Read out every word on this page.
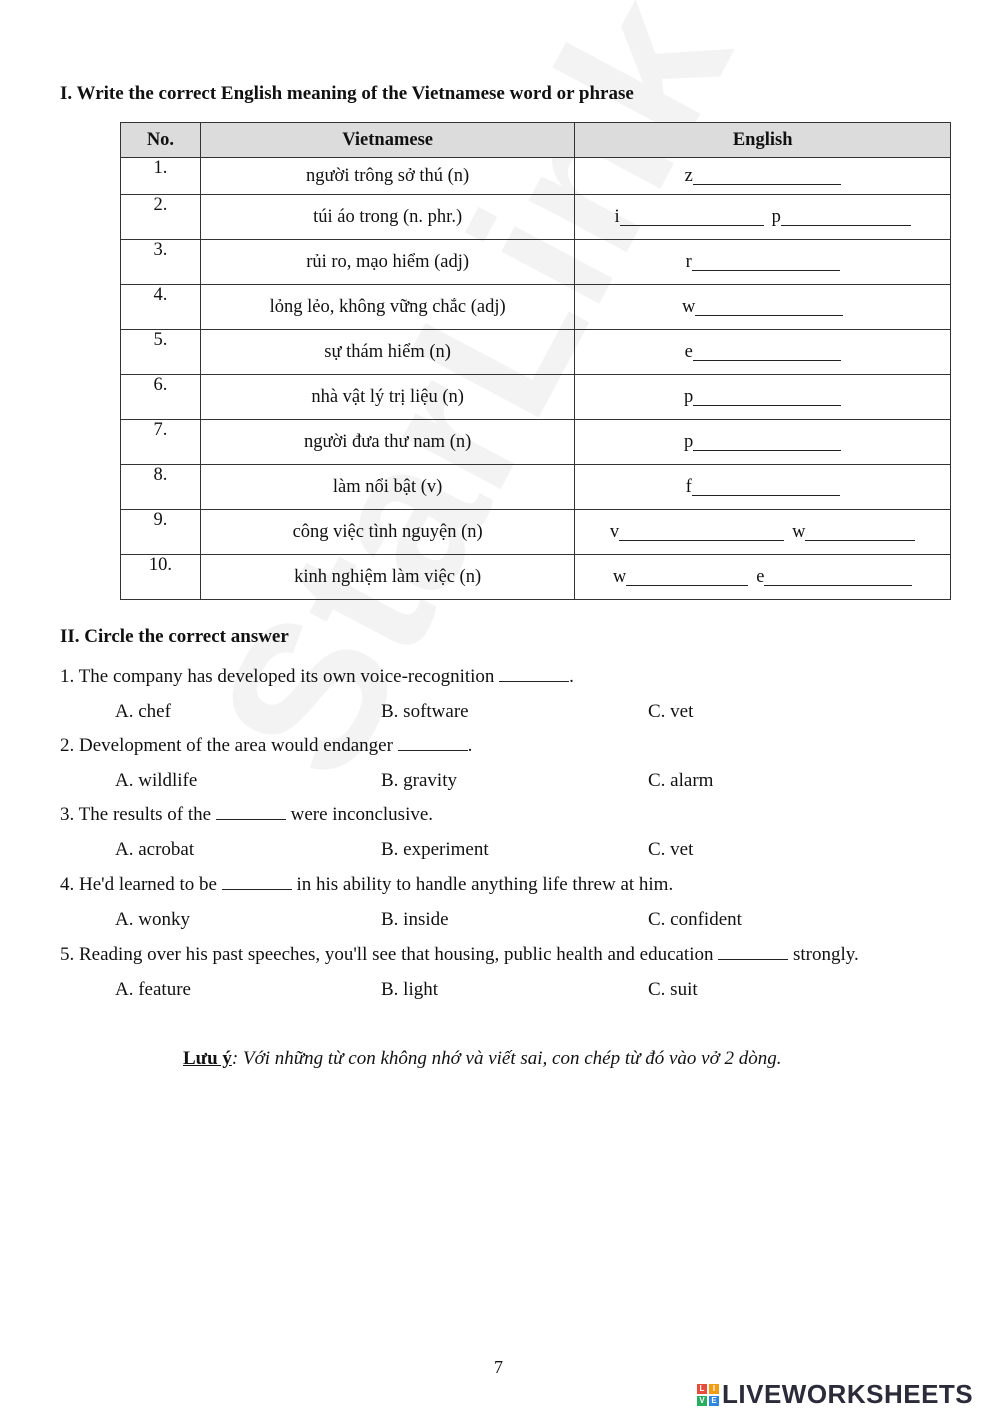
I. Write the correct English meaning of the Vietnamese word or phrase
No.	Vietnamese	English
1.	người trông sở thú (n)	z
2.	túi áo trong (n. phr.)	i p
3.	rủi ro, mạo hiểm (adj)	r
4.	lỏng lẻo, không vững chắc (adj)	w
5.	sự thám hiểm (n)	e
6.	nhà vật lý trị liệu (n)	p
7.	người đưa thư nam (n)	p
8.	làm nổi bật (v)	f
9.	công việc tình nguyện (n)	v w
10.	kinh nghiệm làm việc (n)	w e
II. Circle the correct answer
1. The company has developed its own voice-recognition	.
A. chef	B. software	C. vet
2. Development of the area would endanger	.
A. wildlife	B. gravity	C. alarm
3. The results of the	were inconclusive.
A. acrobat	B. experiment	C. vet
4. He'd learned to be	in his ability to handle anything life threw at him.
A. wonky	B. inside	C. confident
5. Reading over his past speeches, you'll see that housing, public health and education	strongly.
A. feature	B. light	C. suit
Lưu ý: Với những từ con không nhớ và viết sai, con chép từ đó vào vở 2 dòng.
7
L	I
V E LIVEWORKSHEETS
